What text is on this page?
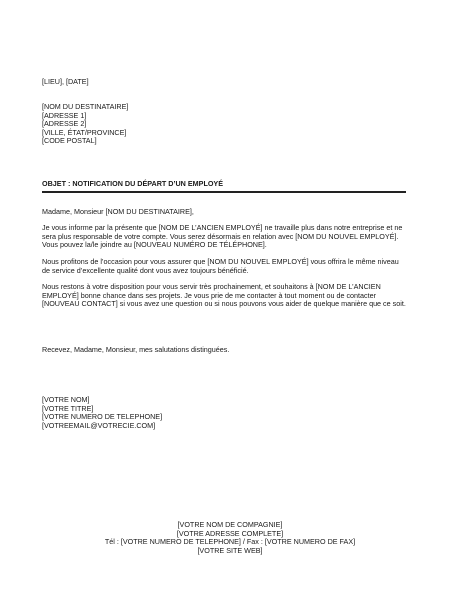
[LIEU], [DATE]
[NOM DU DESTINATAIRE]
[ADRESSE 1]
[ADRESSE 2]
[VILLE, ÉTAT/PROVINCE]
[CODE POSTAL]
OBJET : NOTIFICATION DU DÉPART D’UN EMPLOYÉ
Madame, Monsieur [NOM DU DESTINATAIRE],
Je vous informe par la présente que [NOM DE L’ANCIEN EMPLOYÉ] ne travaille plus dans notre entreprise et ne sera plus responsable de votre compte. Vous serez désormais en relation avec [NOM DU NOUVEL EMPLOYÉ]. Vous pouvez la/le joindre au [NOUVEAU NUMÉRO DE TÉLÉPHONE].
Nous profitons de l’occasion pour vous assurer que [NOM DU NOUVEL EMPLOYÉ] vous offrira le même niveau de service d’excellente qualité dont vous avez toujours bénéficié.
Nous restons à votre disposition pour vous servir très prochainement, et souhaitons à [NOM DE L’ANCIEN EMPLOYÉ] bonne chance dans ses projets. Je vous prie de me contacter à tout moment ou de contacter [NOUVEAU CONTACT] si vous avez une question ou si nous pouvons vous aider de quelque manière que ce soit.
Recevez, Madame, Monsieur, mes salutations distinguées.
[VOTRE NOM]
[VOTRE TITRE]
[VOTRE NUMERO DE TELEPHONE]
[VOTREEMAIL@VOTRECIE.COM]
[VOTRE NOM DE COMPAGNIE]
[VOTRE ADRESSE COMPLETE]
Tél : [VOTRE NUMERO DE TELEPHONE] / Fax : [VOTRE NUMERO DE FAX]
[VOTRE SITE WEB]
